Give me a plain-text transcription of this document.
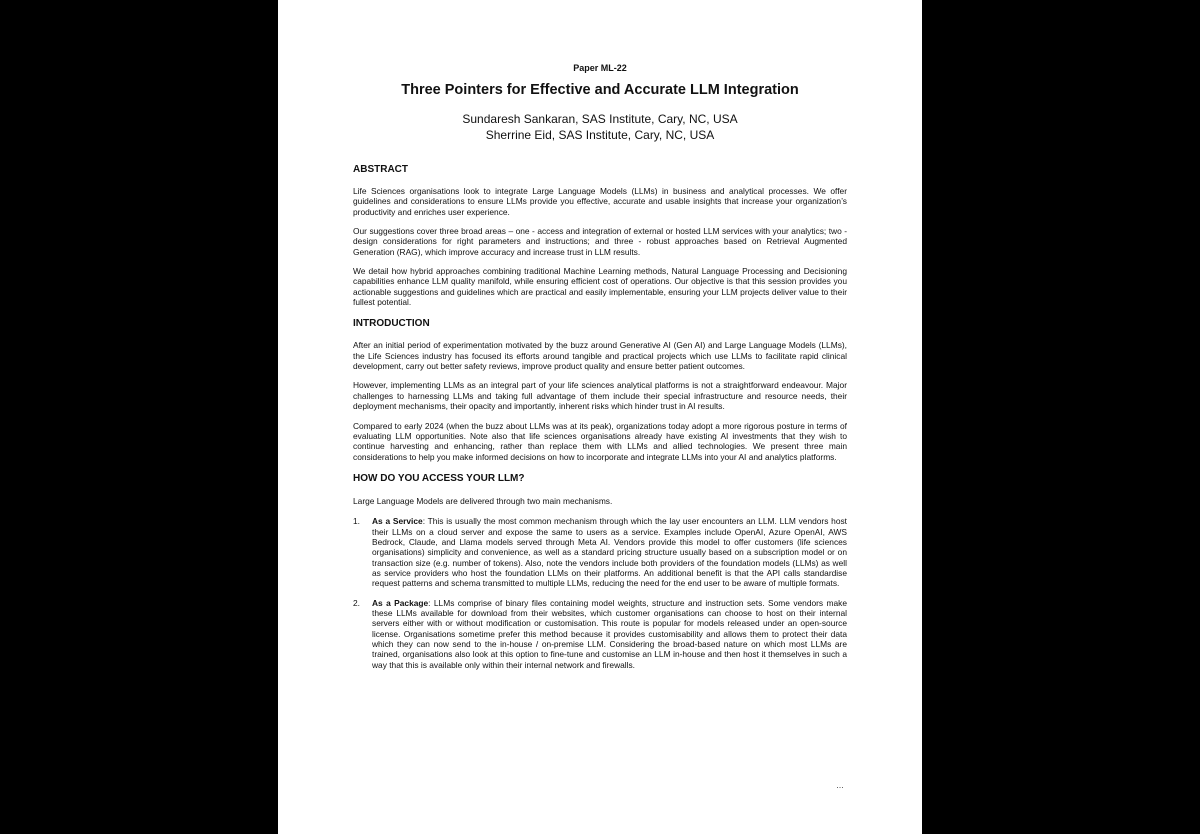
Paper ML-22
Three Pointers for Effective and Accurate LLM Integration
Sundaresh Sankaran, SAS Institute, Cary, NC, USA
Sherrine Eid, SAS Institute, Cary, NC, USA
ABSTRACT
Life Sciences organisations look to integrate Large Language Models (LLMs) in business and analytical processes. We offer guidelines and considerations to ensure LLMs provide you effective, accurate and usable insights that increase your organization’s productivity and enriches user experience.
Our suggestions cover three broad areas – one - access and integration of external or hosted LLM services with your analytics; two - design considerations for right parameters and instructions; and three - robust approaches based on Retrieval Augmented Generation (RAG), which improve accuracy and increase trust in LLM results.
We detail how hybrid approaches combining traditional Machine Learning methods, Natural Language Processing and Decisioning capabilities enhance LLM quality manifold, while ensuring efficient cost of operations. Our objective is that this session provides you actionable suggestions and guidelines which are practical and easily implementable, ensuring your LLM projects deliver value to their fullest potential.
INTRODUCTION
After an initial period of experimentation motivated by the buzz around Generative AI (Gen AI) and Large Language Models (LLMs), the Life Sciences industry has focused its efforts around tangible and practical projects which use LLMs to facilitate rapid clinical development, carry out better safety reviews, improve product quality and ensure better patient outcomes.
However, implementing LLMs as an integral part of your life sciences analytical platforms is not a straightforward endeavour. Major challenges to harnessing LLMs and taking full advantage of them include their special infrastructure and resource needs, their deployment mechanisms, their opacity and importantly, inherent risks which hinder trust in AI results.
Compared to early 2024 (when the buzz about LLMs was at its peak), organizations today adopt a more rigorous posture in terms of evaluating LLM opportunities. Note also that life sciences organisations already have existing AI investments that they wish to continue harvesting and enhancing, rather than replace them with LLMs and allied technologies. We present three main considerations to help you make informed decisions on how to incorporate and integrate LLMs into your AI and analytics platforms.
HOW DO YOU ACCESS YOUR LLM?
Large Language Models are delivered through two main mechanisms.
1.	As a Service: This is usually the most common mechanism through which the lay user encounters an LLM. LLM vendors host their LLMs on a cloud server and expose the same to users as a service. Examples include OpenAI, Azure OpenAI, AWS Bedrock, Claude, and Llama models served through Meta AI. Vendors provide this model to offer customers (life sciences organisations) simplicity and convenience, as well as a standard pricing structure usually based on a subscription model or on transaction size (e.g. number of tokens). Also, note the vendors include both providers of the foundation models (LLMs) as well as service providers who host the foundation LLMs on their platforms. An additional benefit is that the API calls standardise request patterns and schema transmitted to multiple LLMs, reducing the need for the end user to be aware of multiple formats.
2.	As a Package: LLMs comprise of binary files containing model weights, structure and instruction sets. Some vendors make these LLMs available for download from their websites, which customer organisations can choose to host on their internal servers either with or without modification or customisation. This route is popular for models released under an open-source license. Organisations sometime prefer this method because it provides customisability and allows them to protect their data which they can now send to the in-house / on-premise LLM. Considering the broad-based nature on which most LLMs are trained, organisations also look at this option to fine-tune and customise an LLM in-house and then host it themselves in such a way that this is available only within their internal network and firewalls.
…
